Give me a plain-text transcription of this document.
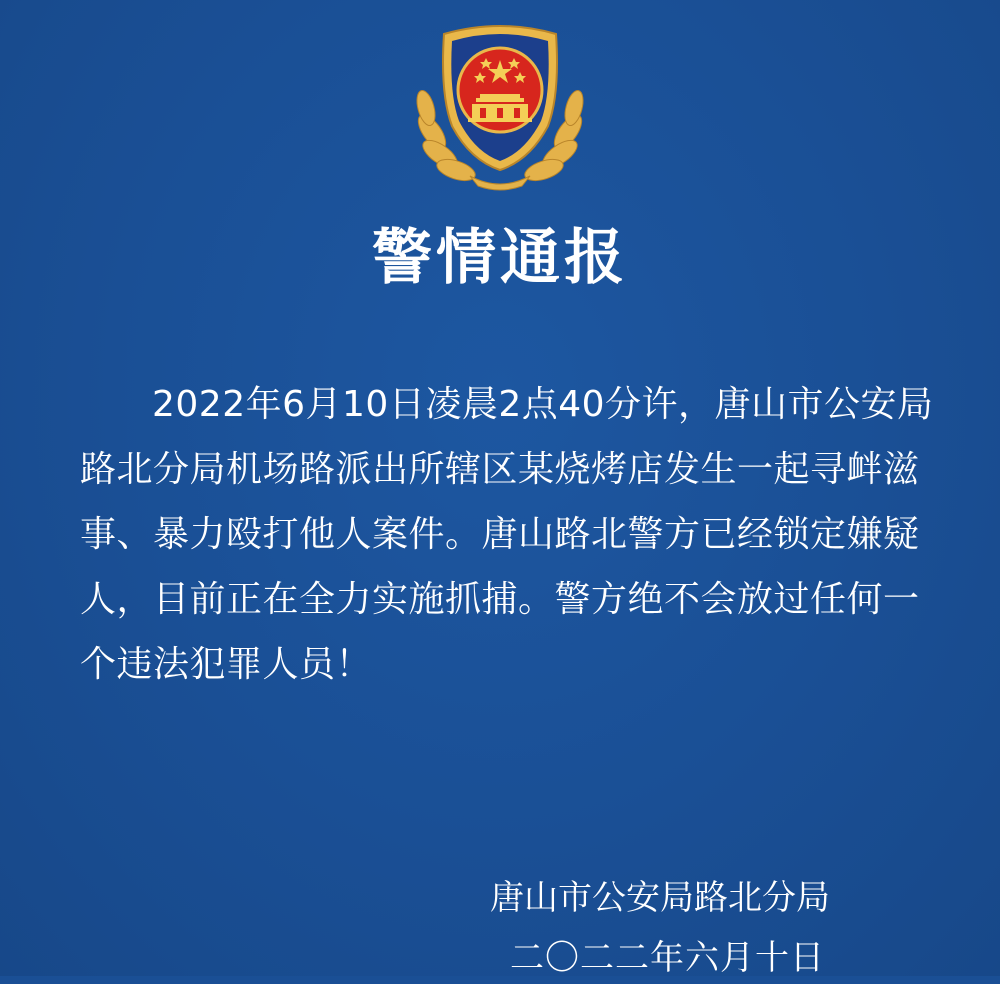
警情通报
2022年6月10日凌晨2点40分许，唐山市公安局路北分局机场路派出所辖区某烧烤店发生一起寻衅滋事、暴力殴打他人案件。唐山路北警方已经锁定嫌疑人，目前正在全力实施抓捕。警方绝不会放过任何一个违法犯罪人员！
唐山市公安局路北分局
二〇二二年六月十日
